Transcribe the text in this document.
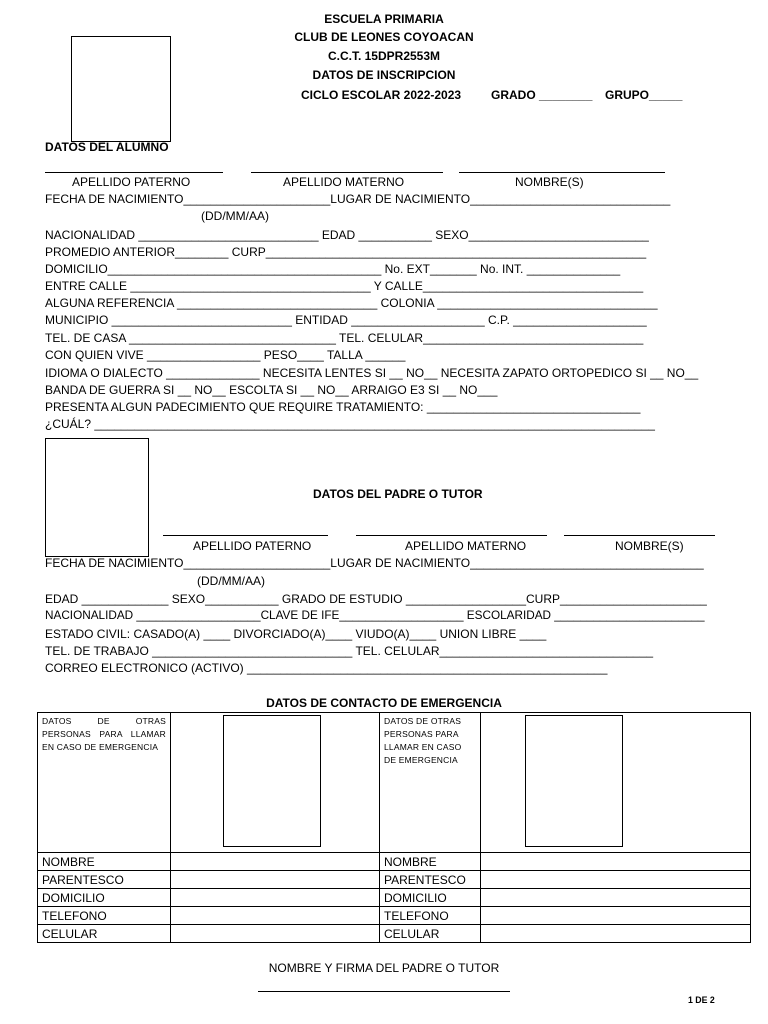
ESCUELA PRIMARIA
CLUB DE LEONES COYOACAN
C.C.T. 15DPR2553M
DATOS DE INSCRIPCION
CICLO ESCOLAR 2022-2023 GRADO ________ GRUPO_____
DATOS DEL ALUMNO
APELLIDO PATERNO	APELLIDO MATERNO	NOMBRE(S)
FECHA DE NACIMIENTO______________________LUGAR DE NACIMIENTO______________________________
(DD/MM/AA)
NACIONALIDAD ___________________________ EDAD ___________ SEXO___________________________
PROMEDIO ANTERIOR________ CURP_________________________________________________________
DOMICILIO_________________________________________ No. EXT_______ No. INT. ______________
ENTRE CALLE ____________________________________ Y CALLE_________________________________
ALGUNA REFERENCIA ______________________________ COLONIA _________________________________
MUNICIPIO ___________________________ ENTIDAD ____________________ C.P. ____________________
TEL. DE CASA _______________________________ TEL. CELULAR_________________________________
CON QUIEN VIVE _________________ PESO____ TALLA ______
IDIOMA O DIALECTO ______________ NECESITA LENTES SI __ NO__ NECESITA ZAPATO ORTOPEDICO SI __ NO__
BANDA DE GUERRA SI __ NO__ ESCOLTA SI __ NO__ ARRAIGO E3 SI __ NO___
PRESENTA ALGUN PADECIMIENTO QUE REQUIRE TRATAMIENTO: ________________________________
¿CUÁL? ____________________________________________________________________________________
DATOS DEL PADRE O TUTOR
APELLIDO PATERNO	APELLIDO MATERNO	NOMBRE(S)
FECHA DE NACIMIENTO______________________LUGAR DE NACIMIENTO___________________________________
(DD/MM/AA)
EDAD _____________ SEXO___________ GRADO DE ESTUDIO __________________CURP______________________
NACIONALIDAD ___________________CLAVE DE IFE___________________ ESCOLARIDAD _______________________
ESTADO CIVIL: CASADO(A) ____ DIVORCIADO(A)____ VIUDO(A)____ UNION LIBRE ____
TEL. DE TRABAJO ______________________________ TEL. CELULAR________________________________
CORREO ELECTRONICO (ACTIVO) ______________________________________________________
DATOS DE CONTACTO DE EMERGENCIA
DATOS DE OTRAS PERSONAS PARA LLAMAR EN CASO DE EMERGENCIA		DATOS DE OTRAS PERSONAS PARA LLAMAR EN CASO DE EMERGENCIA	

NOMBRE		NOMBRE	
PARENTESCO		PARENTESCO	
DOMICILIO		DOMICILIO	
TELEFONO		TELEFONO	
CELULAR		CELULAR	
NOMBRE Y FIRMA DEL PADRE O TUTOR
1 DE 2
